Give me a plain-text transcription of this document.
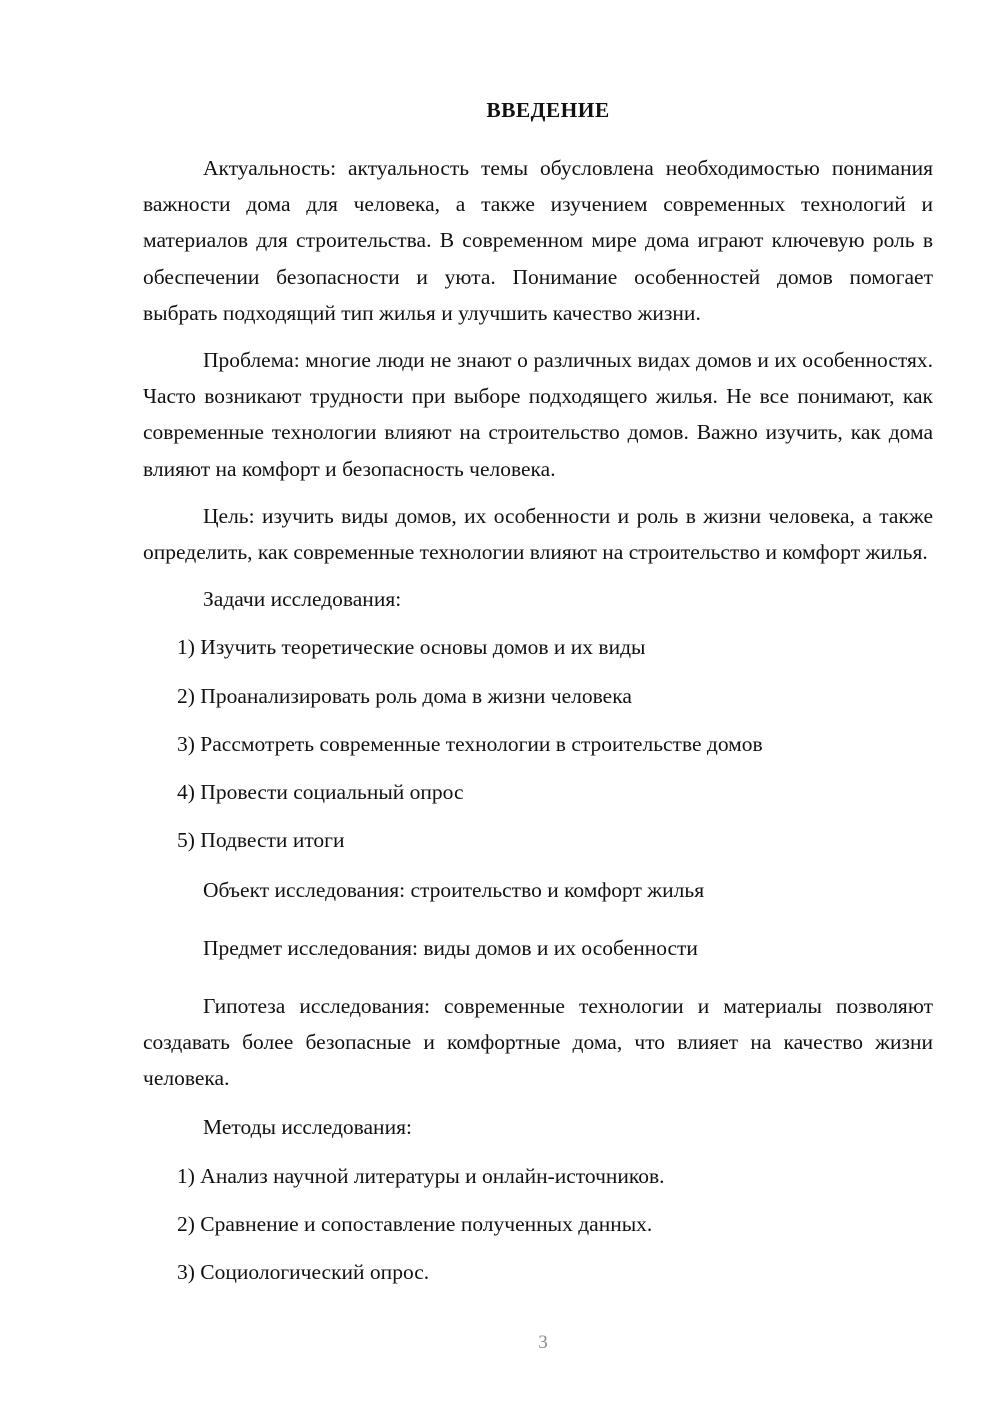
ВВЕДЕНИЕ

Актуальность: актуальность темы обусловлена необходимостью понимания важности дома для человека, а также изучением современных технологий и материалов для строительства. В современном мире дома играют ключевую роль в обеспечении безопасности и уюта. Понимание особенностей домов помогает выбрать подходящий тип жилья и улучшить качество жизни.

Проблема: многие люди не знают о различных видах домов и их особенностях. Часто возникают трудности при выборе подходящего жилья. Не все понимают, как современные технологии влияют на строительство домов. Важно изучить, как дома влияют на комфорт и безопасность человека.

Цель: изучить виды домов, их особенности и роль в жизни человека, а также определить, как современные технологии влияют на строительство и комфорт жилья.

Задачи исследования:

1) Изучить теоретические основы домов и их виды
2) Проанализировать роль дома в жизни человека
3) Рассмотреть современные технологии в строительстве домов
4) Провести социальный опрос
5) Подвести итоги

Объект исследования: строительство и комфорт жилья

Предмет исследования: виды домов и их особенности

Гипотеза исследования: современные технологии и материалы позволяют создавать более безопасные и комфортные дома, что влияет на качество жизни человека.

Методы исследования:

1) Анализ научной литературы и онлайн-источников.
2) Сравнение и сопоставление полученных данных.
3) Социологический опрос.
3
